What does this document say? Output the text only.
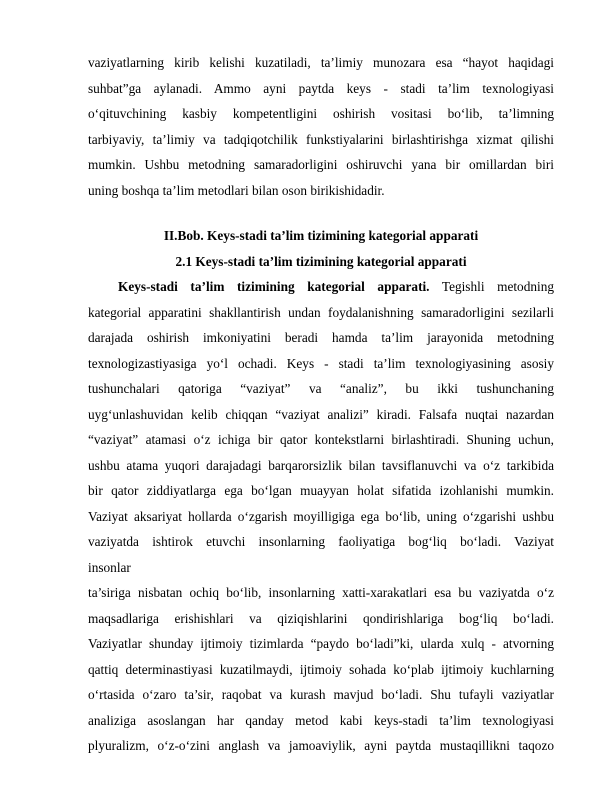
vaziyatlarning kirib kelishi kuzatiladi, ta’limiy munozara esa “hayot haqidagi
suhbat”ga aylanadi. Ammo ayni paytda keys - stadi ta’lim texnologiyasi
o‘qituvchining kasbiy kompetentligini oshirish vositasi bo‘lib, ta’limning
tarbiyaviy, ta’limiy va tadqiqotchilik funkstiyalarini birlashtirishga xizmat qilishi
mumkin. Ushbu metodning samaradorligini oshiruvchi yana bir omillardan biri
uning boshqa ta’lim metodlari bilan oson birikishidadir.
II.Bob. Keys-stadi ta’lim tizimining kategorial apparati
2.1 Keys-stadi ta’lim tizimining kategorial apparati
Keys-stadi ta’lim tizimining kategorial apparati. Tegishli metodning
kategorial apparatini shakllantirish undan foydalanishning samaradorligini sezilarli
darajada oshirish imkoniyatini beradi hamda ta’lim jarayonida metodning
texnologizastiyasiga yo‘l ochadi. Keys - stadi ta’lim texnologiyasining asosiy
tushunchalari qatoriga “vaziyat” va “analiz”, bu ikki tushunchaning
uyg‘unlashuvidan kelib chiqqan “vaziyat analizi” kiradi. Falsafa nuqtai nazardan
“vaziyat” atamasi o‘z ichiga bir qator kontekstlarni birlashtiradi. Shuning uchun,
ushbu atama yuqori darajadagi barqarorsizlik bilan tavsiflanuvchi va o‘z tarkibida
bir qator ziddiyatlarga ega bo‘lgan muayyan holat sifatida izohlanishi mumkin.
Vaziyat aksariyat hollarda o‘zgarish moyilligiga ega bo‘lib, uning o‘zgarishi ushbu
vaziyatda ishtirok etuvchi insonlarning faoliyatiga bog‘liq bo‘ladi. Vaziyat
insonlar
ta’siriga nisbatan ochiq bo‘lib, insonlarning xatti-xarakatlari esa bu vaziyatda o‘z
maqsadlariga erishishlari va qiziqishlarini qondirishlariga bog‘liq bo‘ladi.
Vaziyatlar shunday ijtimoiy tizimlarda “paydo bo‘ladi”ki, ularda xulq - atvorning
qattiq determinastiyasi kuzatilmaydi, ijtimoiy sohada ko‘plab ijtimoiy kuchlarning
o‘rtasida o‘zaro ta’sir, raqobat va kurash mavjud bo‘ladi. Shu tufayli vaziyatlar
analiziga asoslangan har qanday metod kabi keys-stadi ta’lim texnologiyasi
plyuralizm, o‘z-o‘zini anglash va jamoaviylik, ayni paytda mustaqillikni taqozo
